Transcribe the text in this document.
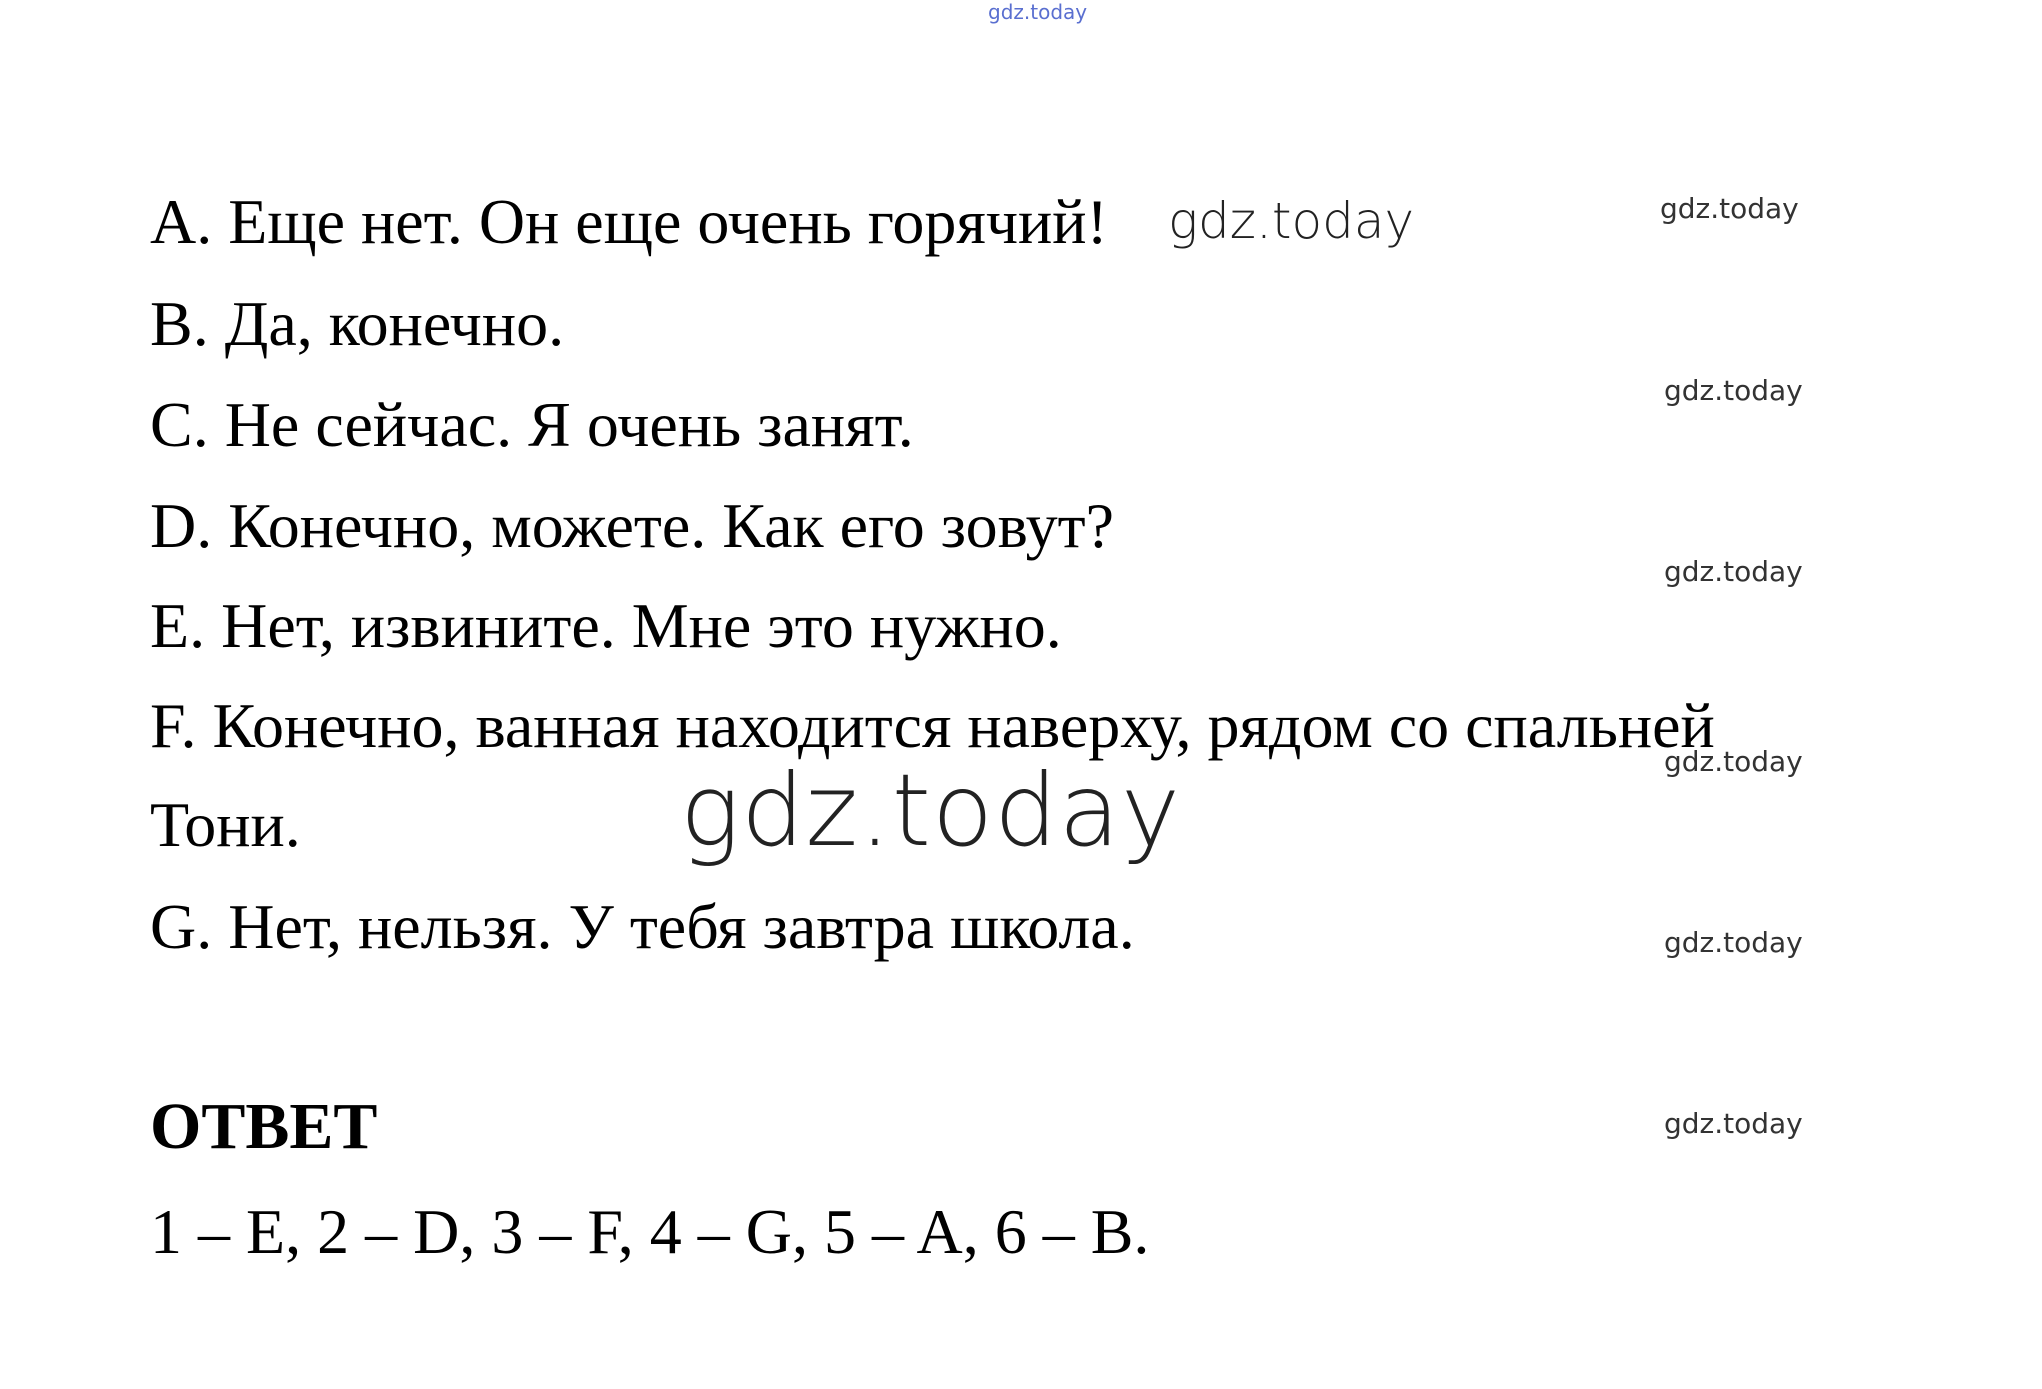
gdz.today
A. Еще нет. Он еще очень горячий! gdz.today
B. Да, конечно.
C. Не сейчас. Я очень занят.
D. Конечно, можете. Как его зовут?
E. Нет, извините. Мне это нужно.
F. Конечно, ванная находится наверху, рядом со спальней
Тони.
G. Нет, нельзя. У тебя завтра школа.
gdz.today
ОТВЕТ
1 – E, 2 – D, 3 – F, 4 – G, 5 – A, 6 – B.
gdz.today
gdz.today
gdz.today
gdz.today
gdz.today
gdz.today
